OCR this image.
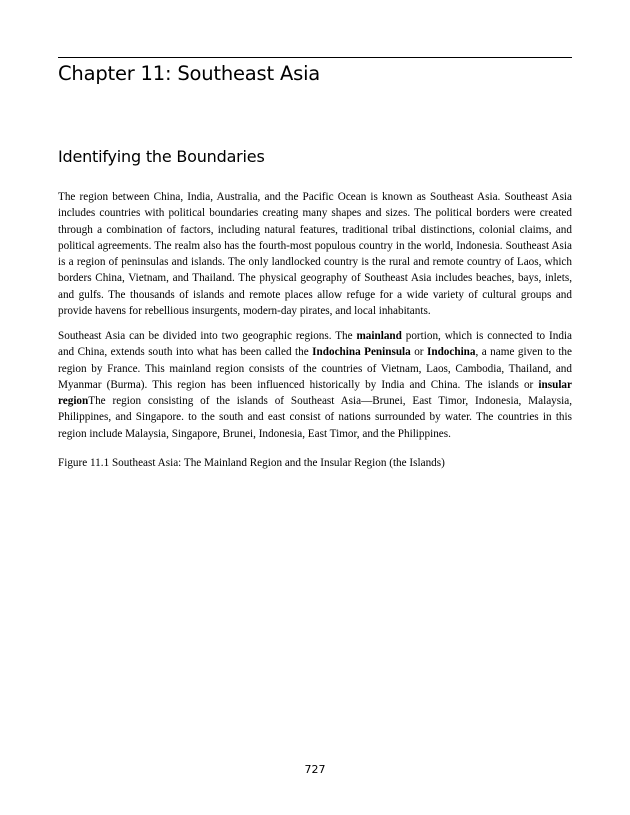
Chapter 11: Southeast Asia
Identifying the Boundaries

The region between China, India, Australia, and the Pacific Ocean is known as Southeast Asia. Southeast Asia includes countries with political boundaries creating many shapes and sizes. The political borders were created through a combination of factors, including natural features, traditional tribal distinctions, colonial claims, and political agreements. The realm also has the fourth-most populous country in the world, Indonesia. Southeast Asia is a region of peninsulas and islands. The only landlocked country is the rural and remote country of Laos, which borders China, Vietnam, and Thailand. The physical geography of Southeast Asia includes beaches, bays, inlets, and gulfs. The thousands of islands and remote places allow refuge for a wide variety of cultural groups and provide havens for rebellious insurgents, modern-day pirates, and local inhabitants.

Southeast Asia can be divided into two geographic regions. The mainland portion, which is connected to India and China, extends south into what has been called the Indochina Peninsula or Indochina, a name given to the region by France. This mainland region consists of the countries of Vietnam, Laos, Cambodia, Thailand, and Myanmar (Burma). This region has been influenced historically by India and China. The islands or insular regionThe region consisting of the islands of Southeast Asia—Brunei, East Timor, Indonesia, Malaysia, Philippines, and Singapore. to the south and east consist of nations surrounded by water. The countries in this region include Malaysia, Singapore, Brunei, Indonesia, East Timor, and the Philippines.

Figure 11.1 Southeast Asia: The Mainland Region and the Insular Region (the Islands)

727
